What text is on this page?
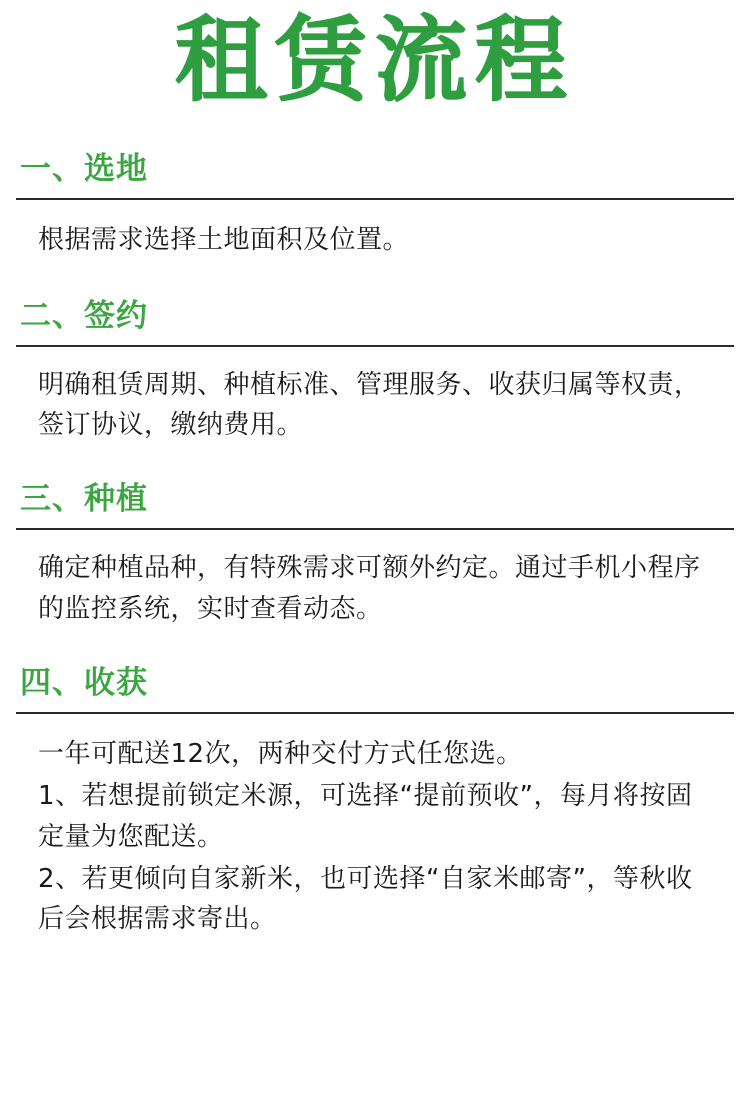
租赁流程
一、选地

根据需求选择土地面积及位置。

二、签约

明确租赁周期、种植标准、管理服务、收获归属等权责，签订协议，缴纳费用。

三、种植

确定种植品种，有特殊需求可额外约定。通过手机小程序的监控系统，实时查看动态。

四、收获

一年可配送12次，两种交付方式任您选。

1、若想提前锁定米源，可选择“提前预收”，每月将按固定量为您配送。

2、若更倾向自家新米，也可选择“自家米邮寄”，等秋收后会根据需求寄出。
